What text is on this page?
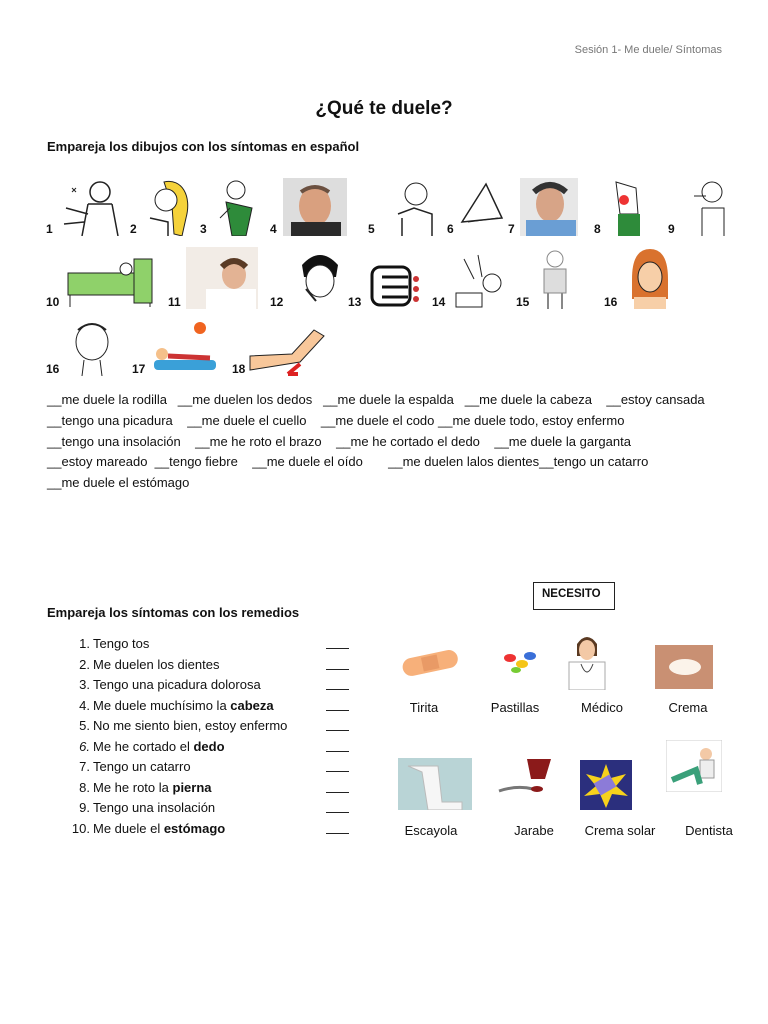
Sesión 1- Me duele/ Síntomas
¿Qué te duele?
Empareja los dibujos con los síntomas en español
1	2	3	4	5	6	7	8	9
10	11	12	13	14	15	16
16	17	18
__me duele la rodilla   __me duelen los dedos   __me duele la espalda   __me duele la cabeza    __estoy cansada
__tengo una picadura    __me duele el cuello    __me duele el codo __me duele todo, estoy enfermo
__tengo una insolación    __me he roto el brazo    __me he cortado el dedo    __me duele la garganta
__estoy mareado  __tengo fiebre    __me duele el oído       __me duelen lalos dientes__tengo un catarro
__me duele el estómago
NECESITO
Empareja los síntomas con los remedios
1. Tengo tos
2. Me duelen los dientes
3. Tengo una picadura dolorosa
4. Me duele muchísimo la cabeza
5. No me siento bien, estoy enfermo
6. Me he cortado el dedo
7. Tengo un catarro
8. Me he roto la pierna
9. Tengo una insolación
10. Me duele el estómago
Tirita	Pastillas	Médico	Crema
Escayola	Jarabe	Crema solar	Dentista
